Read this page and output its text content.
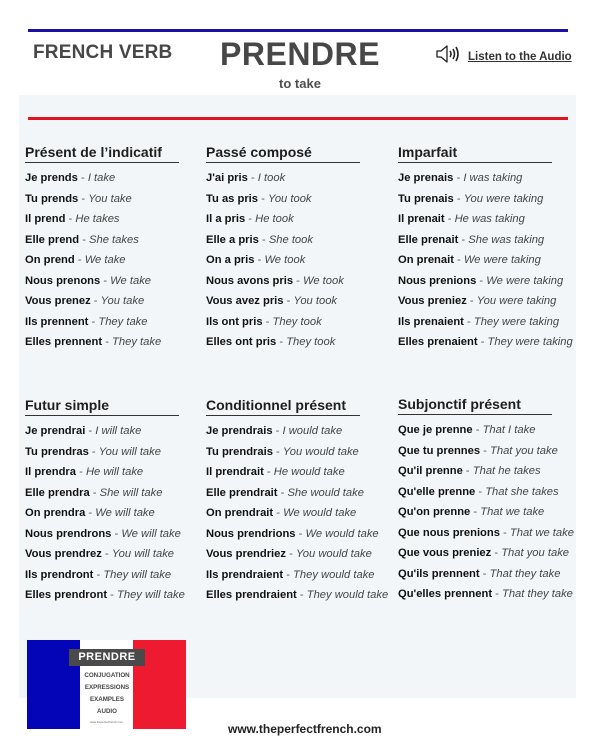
FRENCH VERB PRENDRE
to take
Listen to the Audio
Présent de l’indicatif
Je prends - I take
Tu prends - You take
Il prend - He takes
Elle prend - She takes
On prend - We take
Nous prenons - We take
Vous prenez - You take
Ils prennent - They take
Elles prennent - They take
Passé composé
J'ai pris - I took
Tu as pris - You took
Il a pris - He took
Elle a pris - She took
On a pris - We took
Nous avons pris - We took
Vous avez pris - You took
Ils ont pris - They took
Elles ont pris - They took
Imparfait
Je prenais - I was taking
Tu prenais - You were taking
Il prenait - He was taking
Elle prenait - She was taking
On prenait - We were taking
Nous prenions - We were taking
Vous preniez - You were taking
Ils prenaient - They were taking
Elles prenaient - They were taking
Futur simple
Je prendrai - I will take
Tu prendras - You will take
Il prendra - He will take
Elle prendra - She will take
On prendra - We will take
Nous prendrons - We will take
Vous prendrez - You will take
Ils prendront - They will take
Elles prendront - They will take
Conditionnel présent
Je prendrais - I would take
Tu prendrais - You would take
Il prendrait - He would take
Elle prendrait - She would take
On prendrait - We would take
Nous prendrions - We would take
Vous prendriez - You would take
Ils prendraient - They would take
Elles prendraient - They would take
Subjonctif présent
Que je prenne - That I take
Que tu prennes - That you take
Qu'il prenne - That he takes
Qu'elle prenne - That she takes
Qu'on prenne - That we take
Que nous prenions - That we take
Que vous preniez - That you take
Qu'ils prennent - That they take
Qu'elles prennent - That they take
PRENDRE
CONJUGATION
EXPRESSIONS
EXAMPLES
AUDIO
www.theperfectfrench.com	www.theperfectfrench.com
